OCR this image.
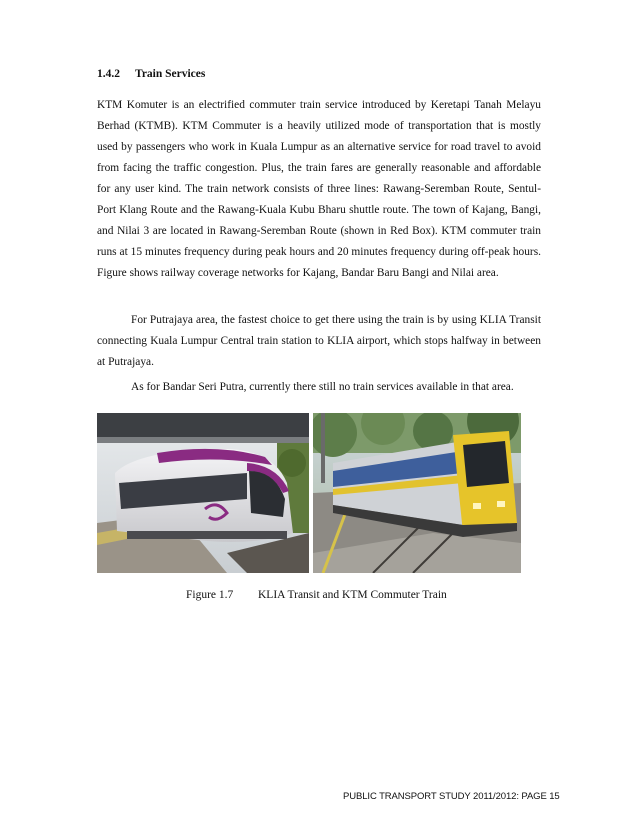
1.4.2 Train Services

KTM Komuter is an electrified commuter train service introduced by Keretapi Tanah Melayu Berhad (KTMB). KTM Commuter is a heavily utilized mode of transportation that is mostly used by passengers who work in Kuala Lumpur as an alternative service for road travel to avoid from facing the traffic congestion. Plus, the train fares are generally reasonable and affordable for any user kind. The train network consists of three lines: Rawang-Seremban Route, Sentul-Port Klang Route and the Rawang-Kuala Kubu Bharu shuttle route. The town of Kajang, Bangi, and Nilai 3 are located in Rawang-Seremban Route (shown in Red Box). KTM commuter train runs at 15 minutes frequency during peak hours and 20 minutes frequency during off-peak hours. Figure shows railway coverage networks for Kajang, Bandar Baru Bangi and Nilai area.

For Putrajaya area, the fastest choice to get there using the train is by using KLIA Transit connecting Kuala Lumpur Central train station to KLIA airport, which stops halfway in between at Putrajaya.

As for Bandar Seri Putra, currently there still no train services available in that area.

Figure 1.7 KLIA Transit and KTM Commuter Train
PUBLIC TRANSPORT STUDY 2011/2012: PAGE 15
